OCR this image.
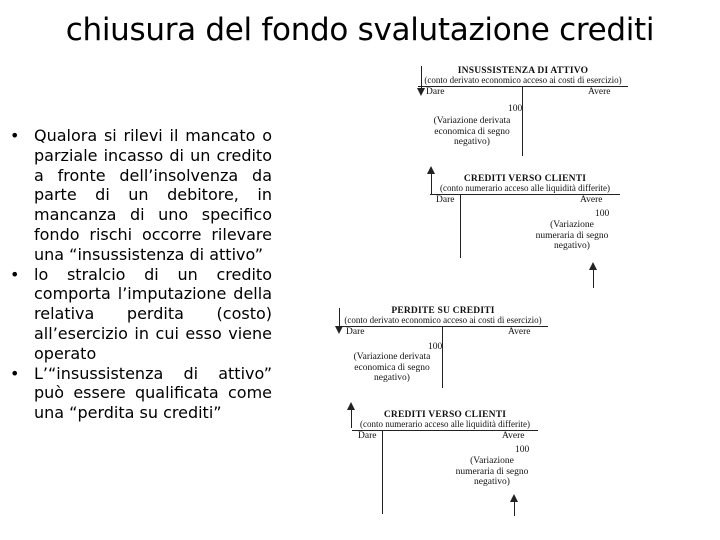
chiusura del fondo svalutazione crediti
• Qualora si rilevi il mancato o parziale incasso di un credito a fronte dell’insolvenza da parte di un debitore, in mancanza di uno specifico fondo rischi occorre rilevare una “insussistenza di attivo”
• lo stralcio di un credito comporta l’imputazione della relativa perdita (costo) all’esercizio in cui esso viene operato
• L’“insussistenza di attivo” può essere qualificata come una “perdita su crediti”
INSUSSISTENZA DI ATTIVO
(conto derivato economico acceso ai costi di esercizio)
Dare	Avere
100
(Variazione derivata economica di segno negativo)
CREDITI VERSO CLIENTI
(conto numerario acceso alle liquidità differite)
Dare	Avere
100
(Variazione numeraria di segno negativo)
PERDITE SU CREDITI
(conto derivato economico acceso ai costi di esercizio)
Dare	Avere
100
(Variazione derivata economica di segno negativo)
CREDITI VERSO CLIENTI
(conto numerario acceso alle liquidità differite)
Dare	Avere
100
(Variazione numeraria di segno negativo)
